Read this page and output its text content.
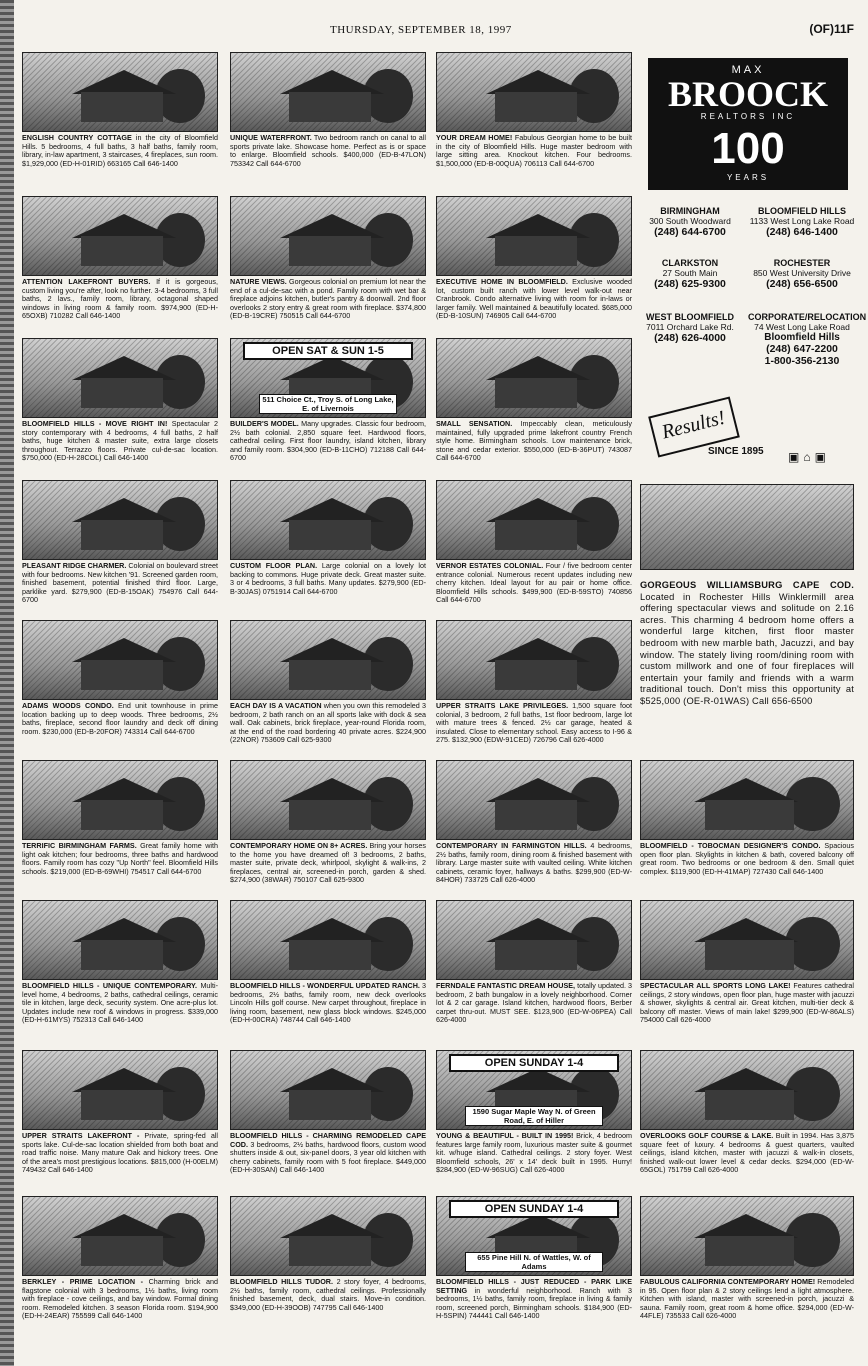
THURSDAY, SEPTEMBER 18, 1997	(OF)11F
ENGLISH COUNTRY COTTAGE in the city of Bloomfield Hills. 5 bedrooms, 4 full baths, 3 half baths, family room, library, in-law apartment, 3 staircases, 4 fireplaces, sun room. $1,929,000 (ED-H-01RID) 663165 Call 646-1400
UNIQUE WATERFRONT. Two bedroom ranch on canal to all sports private lake. Showcase home. Perfect as is or space to enlarge. Bloomfield schools. $400,000 (ED-B-47LON) 753342 Call 644-6700
YOUR DREAM HOME! Fabulous Georgian home to be built in the city of Bloomfield Hills. Huge master bedroom with large sitting area. Knockout kitchen. Four bedrooms. $1,500,000 (ED-B-00QUA) 706113 Call 644-6700
ATTENTION LAKEFRONT BUYERS. If it is gorgeous, custom living you're after, look no further. 3-4 bedrooms, 3 full baths, 2 lavs., family room, library, octagonal shaped windows in living room & family room. $974,900 (ED-H-65OXB) 710282 Call 646-1400
NATURE VIEWS. Gorgeous colonial on premium lot near the end of a cul-de-sac with a pond. Family room with wet bar & fireplace adjoins kitchen, butler's pantry & doorwall. 2nd floor overlooks 2 story entry & great room with fireplace. $374,800 (ED-B-19CRE) 750515 Call 644-6700
EXECUTIVE HOME IN BLOOMFIELD. Exclusive wooded lot, custom built ranch with lower level walk-out near Cranbrook. Condo alternative living with room for in-laws or larger family. Well maintained & beautifully located. $685,000 (ED-B-10SUN) 746905 Call 644-6700
BLOOMFIELD HILLS - MOVE RIGHT IN! Spectacular 2 story contemporary with 4 bedrooms, 4 full baths, 2 half baths, huge kitchen & master suite, extra large closets throughout. Terrazzo floors. Private cul-de-sac location. $750,000 (ED-H-28COL) Call 646-1400
OPEN SAT & SUN 1-5
511 Choice Ct., Troy S. of Long Lake, E. of Livernois
BUILDER'S MODEL. Many upgrades. Classic four bedroom, 2½ bath colonial. 2,850 square feet. Hardwood floors, cathedral ceiling. First floor laundry, island kitchen, library and family room. $304,900 (ED-B-11CHO) 712188 Call 644-6700
SMALL SENSATION. Impeccably clean, meticulously maintained, fully upgraded prime lakefront country French style home. Birmingham schools. Low maintenance brick, stone and cedar exterior. $550,000 (ED-B-36PUT) 743087 Call 644-6700
PLEASANT RIDGE CHARMER. Colonial on boulevard street with four bedrooms. New kitchen '91. Screened garden room, finished basement, potential finished third floor. Large, parklike yard. $279,900 (ED-B-15OAK) 754976 Call 644-6700
CUSTOM FLOOR PLAN. Large colonial on a lovely lot backing to commons. Huge private deck. Great master suite. 3 or 4 bedrooms, 3 full baths. Many updates. $279,900 (ED-B-30JAS) 0751914 Call 644-6700
VERNOR ESTATES COLONIAL. Four / five bedroom center entrance colonial. Numerous recent updates including new cherry kitchen. Ideal layout for au pair or home office. Bloomfield Hills schools. $499,900 (ED-B-59STO) 740856 Call 644-6700
ADAMS WOODS CONDO. End unit townhouse in prime location backing up to deep woods. Three bedrooms, 2½ baths, fireplace, second floor laundry and deck off dining room. $230,000 (ED-B-20FOR) 743314 Call 644-6700
EACH DAY IS A VACATION when you own this remodeled 3 bedroom, 2 bath ranch on an all sports lake with dock & sea wall. Oak cabinets, brick fireplace, year-round Florida room, at the end of the road bordering 40 private acres. $224,900 (22NOR) 753609 Call 625-9300
UPPER STRAITS LAKE PRIVILEGES. 1,500 square foot colonial, 3 bedroom, 2 full baths, 1st floor bedroom, large lot with mature trees & fenced. 2½ car garage, heated & insulated. Close to elementary school. Easy access to I-96 & 275. $132,900 (EDW-91CED) 726796 Call 626-4000
TERRIFIC BIRMINGHAM FARMS. Great family home with light oak kitchen; four bedrooms, three baths and hardwood floors. Family room has cozy "Up North" feel. Bloomfield Hills schools. $219,000 (ED-B-69WHI) 754517 Call 644-6700
CONTEMPORARY HOME ON 8+ ACRES. Bring your horses to the home you have dreamed of! 3 bedrooms, 2 baths, master suite, private deck, whirlpool, skylight & walk-ins, 2 fireplaces, central air, screened-in porch, garden & shed. $274,900 (38WAR) 750107 Call 625-9300
CONTEMPORARY IN FARMINGTON HILLS. 4 bedrooms, 2½ baths, family room, dining room & finished basement with library. Large master suite with vaulted ceiling. White kitchen cabinets, ceramic foyer, hallways & baths. $299,900 (ED-W-84HOR) 733725 Call 626-4000
BLOOMFIELD HILLS - UNIQUE CONTEMPORARY. Multi-level home, 4 bedrooms, 2 baths, cathedral ceilings, ceramic tile in kitchen, large deck, security system. One acre-plus lot. Updates include new roof & windows in progress. $339,000 (ED-H-61MYS) 752313 Call 646-1400
BLOOMFIELD HILLS - WONDERFUL UPDATED RANCH. 3 bedrooms, 2½ baths, family room, new deck overlooks Lincoln Hills golf course. New carpet throughout, fireplace in living room, basement, new glass block windows. $245,000 (ED-H-00CRA) 748744 Call 646-1400
FERNDALE FANTASTIC DREAM HOUSE, totally updated. 3 bedroom, 2 bath bungalow in a lovely neighborhood. Corner lot & 2 car garage. Island kitchen, hardwood floors, Berber carpet thru-out. MUST SEE. $123,900 (ED-W-06PEA) Call 626-4000
UPPER STRAITS LAKEFRONT - Private, spring-fed all sports lake. Cul-de-sac location shielded from both boat and road traffic noise. Many mature Oak and hickory trees. One of the area's most prestigious locations. $815,000 (H-00ELM) 749432 Call 646-1400
BLOOMFIELD HILLS - CHARMING REMODELED CAPE COD. 3 bedrooms, 2½ baths, hardwood floors, custom wood shutters inside & out, six-panel doors, 3 year old kitchen with cherry cabinets, family room with 5 foot fireplace. $449,000 (ED-H-30SAN) Call 646-1400
OPEN SUNDAY 1-4
1590 Sugar Maple Way N. of Green Road, E. of Hiller
YOUNG & BEAUTIFUL - BUILT IN 1995! Brick, 4 bedroom features large family room, luxurious master suite & gourmet kit. w/huge island. Cathedral ceilings. 2 story foyer. West Bloomfield schools, 26' x 14' deck built in 1995. Hurry! $284,900 (ED-W-96SUG) Call 626-4000
BERKLEY - PRIME LOCATION - Charming brick and flagstone colonial with 3 bedrooms, 1½ baths, living room with fireplace - cove ceilings, and bay window. Formal dining room. Remodeled kitchen. 3 season Florida room. $194,900 (ED-H-24EAR) 755599 Call 646-1400
BLOOMFIELD HILLS TUDOR. 2 story foyer, 4 bedrooms, 2½ baths, family room, cathedral ceilings. Professionally finished basement, deck, dual stairs. Move-in condition. $349,000 (ED-H-39OOB) 747795 Call 646-1400
OPEN SUNDAY 1-4
655 Pine Hill N. of Wattles, W. of Adams
BLOOMFIELD HILLS - JUST REDUCED - PARK LIKE SETTING in wonderful neighborhood. Ranch with 3 bedrooms, 1½ baths, family room, fireplace in living & family room, screened porch, Birmingham schools. $184,900 (ED-H-5SPIN) 744441 Call 646-1400
MAX
BROOCK
REALTORS INC
100
YEARS
BIRMINGHAM
300 South Woodward
(248) 644-6700
BLOOMFIELD HILLS
1133 West Long Lake Road
(248) 646-1400
CLARKSTON
27 South Main
(248) 625-9300
ROCHESTER
850 West University Drive
(248) 656-6500
WEST BLOOMFIELD
7011 Orchard Lake Rd.
(248) 626-4000
CORPORATE/RELOCATION
74 West Long Lake Road
Bloomfield Hills
(248) 647-2200
1-800-356-2130
Results!
SINCE 1895 ▣⌂▣
GORGEOUS WILLIAMSBURG CAPE COD. Located in Rochester Hills Winklermill area offering spectacular views and solitude on 2.16 acres. This charming 4 bedroom home offers a wonderful large kitchen, first floor master bedroom with new marble bath, Jacuzzi, and bay window. The stately living room/dining room with custom millwork and one of four fireplaces will entertain your family and friends with a warm traditional touch. Don't miss this opportunity at $525,000 (OE-R-01WAS) Call 656-6500
BLOOMFIELD - TOBOCMAN DESIGNER'S CONDO. Spacious open floor plan. Skylights in kitchen & bath, covered balcony off great room. Two bedrooms or one bedroom & den. Small quiet complex. $119,900 (ED-H-41MAP) 727430 Call 646-1400
SPECTACULAR ALL SPORTS LONG LAKE! Features cathedral ceilings, 2 story windows, open floor plan, huge master with jacuzzi & shower, skylights & central air. Great kitchen, multi-tier deck & balcony off master. Views of main lake! $299,900 (ED-W-86ALS) 754000 Call 626-4000
OVERLOOKS GOLF COURSE & LAKE. Built in 1994. Has 3,875 square feet of luxury. 4 bedrooms & guest quarters, vaulted ceilings, island kitchen, master with jacuzzi & walk-in closets, finished walk-out lower level & cedar decks. $294,000 (ED-W-65GOL) 751759 Call 626-4000
FABULOUS CALIFORNIA CONTEMPORARY HOME! Remodeled in 95. Open floor plan & 2 story ceilings lend a light atmosphere. Kitchen with island, master with screened-in porch, jacuzzi & sauna. Family room, great room & home office. $294,000 (ED-W-44FLE) 735533 Call 626-4000
